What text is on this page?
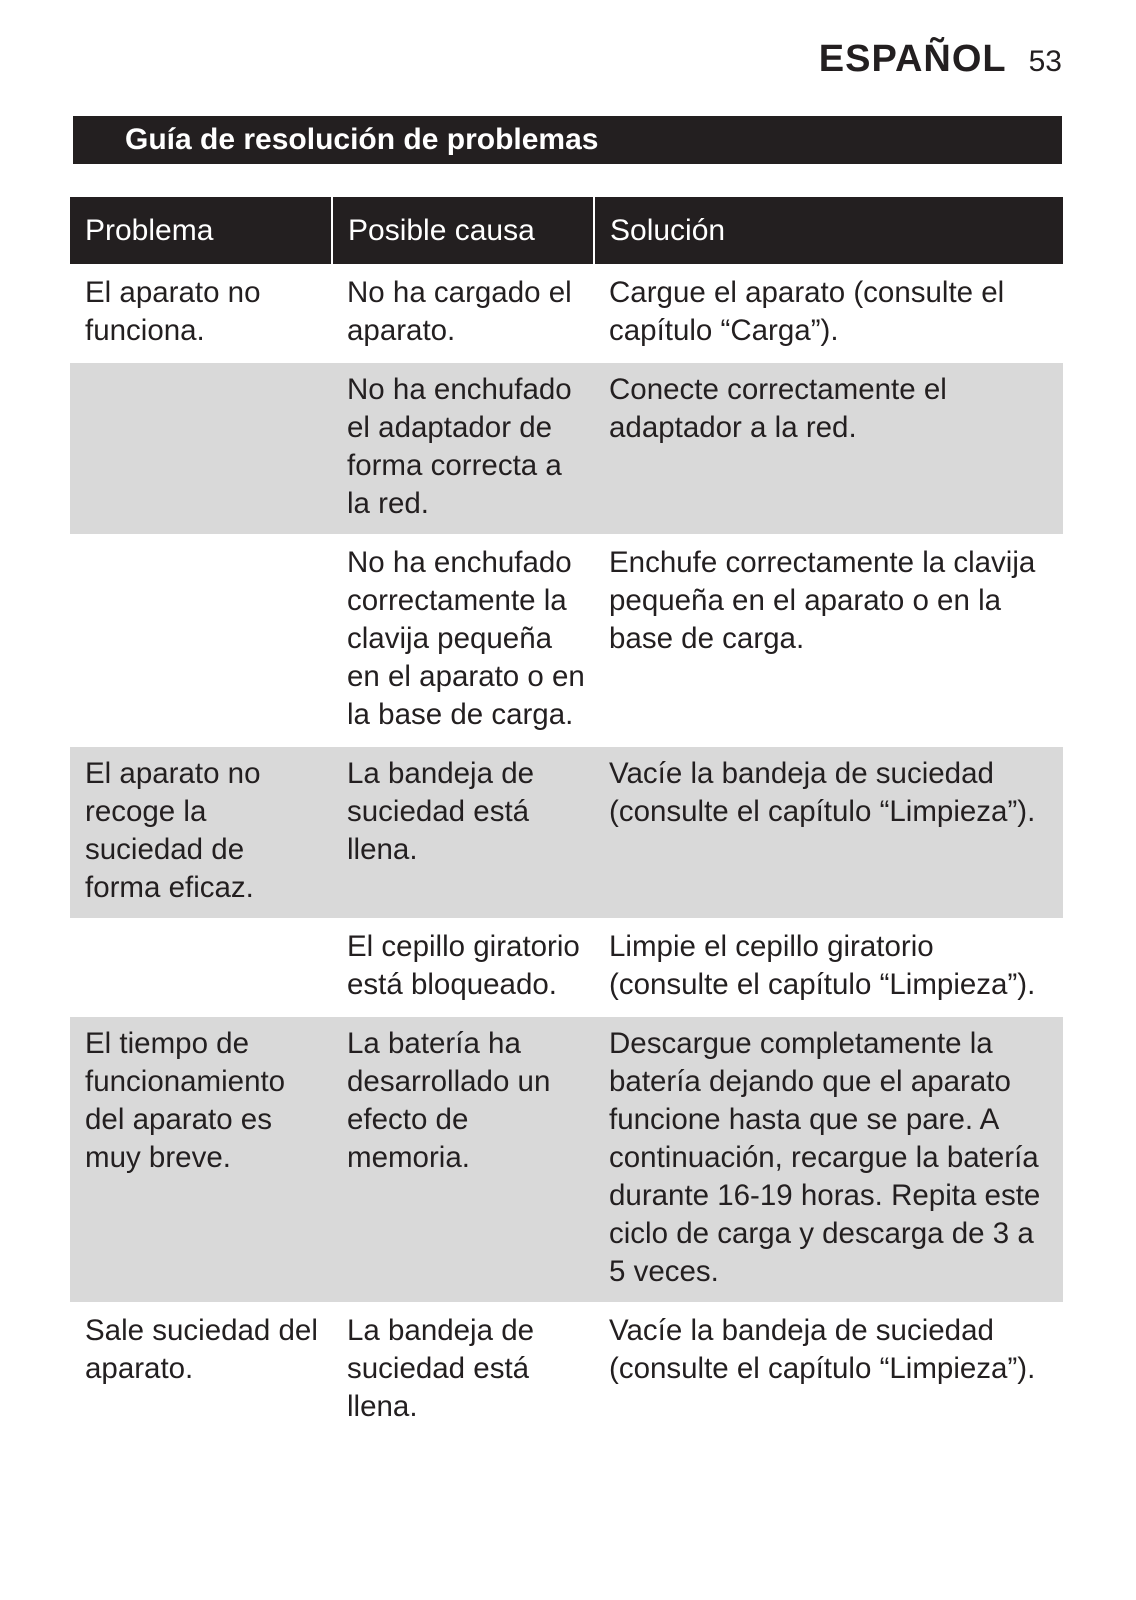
ESPAÑOL 53
Guía de resolución de problemas
Problema	Posible causa	Solución
El aparato no funciona.	No ha cargado el aparato.	Cargue el aparato (consulte el capítulo “Carga”).
	No ha enchufado el adaptador de forma correcta a la red.	Conecte correctamente el adaptador a la red.
	No ha enchufado correctamente la clavija pequeña en el aparato o en la base de carga.	Enchufe correctamente la clavija pequeña en el aparato o en la base de carga.
El aparato no recoge la suciedad de forma eficaz.	La bandeja de suciedad está llena.	Vacíe la bandeja de suciedad (consulte el capítulo “Limpieza”).
	El cepillo giratorio está bloqueado.	Limpie el cepillo giratorio (consulte el capítulo “Limpieza”).
El tiempo de funcionamiento del aparato es muy breve.	La batería ha desarrollado un efecto de memoria.	Descargue completamente la batería dejando que el aparato funcione hasta que se pare. A continuación, recargue la batería durante 16-19 horas. Repita este ciclo de carga y descarga de 3 a 5 veces.
Sale suciedad del aparato.	La bandeja de suciedad está llena.	Vacíe la bandeja de suciedad (consulte el capítulo “Limpieza”).
